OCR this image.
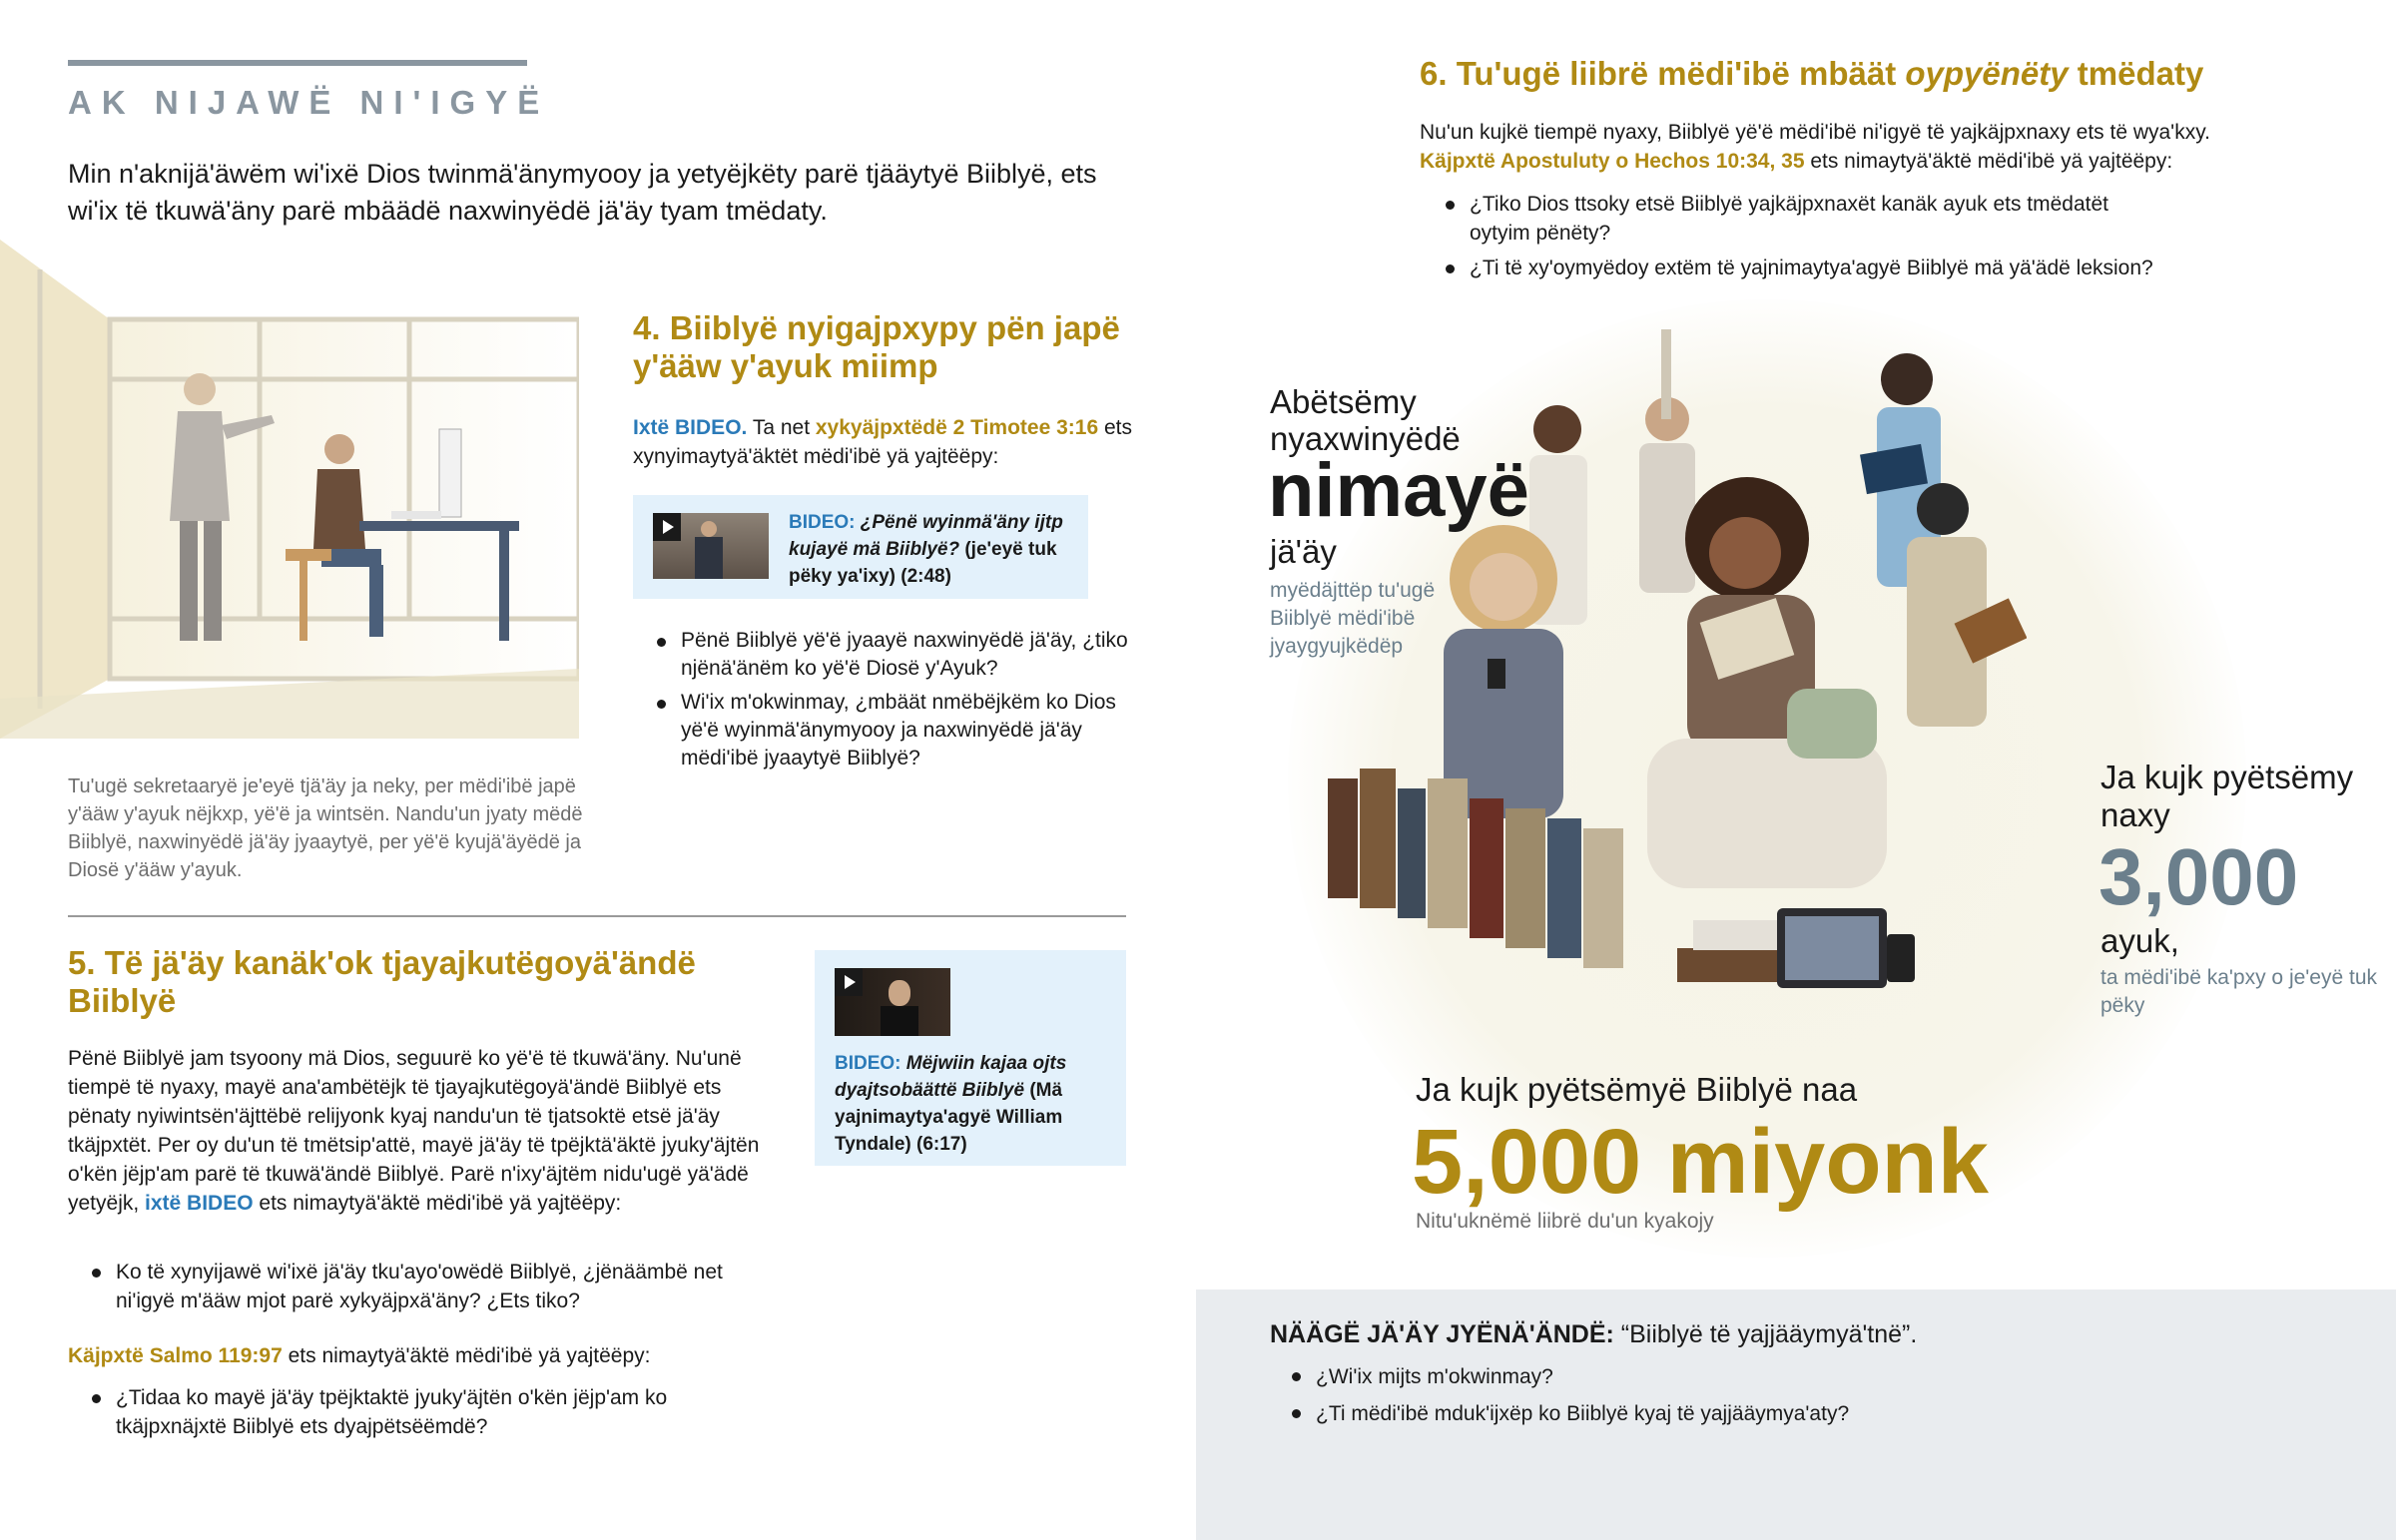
AK NIJAWË NI'IGYË
Min n'aknijä'äwëm wi'ixë Dios twinmä'änymyooy ja yetyëjkëty parë tjääytyë Biiblyë, ets wi'ix të tkuwä'äny parë mbäädë naxwinyëdë jä'äy tyam tmëdaty.
Tu'ugë sekretaaryë je'eyë tjä'äy ja neky, per mëdi'ibë japë y'ääw y'ayuk nëjkxp, yë'ë ja wintsën. Nandu'un jyaty mëdë Biiblyë, naxwinyëdë jä'äy jyaaytyë, per yë'ë kyujä'äyëdë ja Diosë y'ääw y'ayuk.
4. Biiblyë nyigajpxypy pën japë y'ääw y'ayuk miimp
Ixtë BIDEO. Ta net xykyäjpxtëdë 2 Timotee 3:16 ets xynyimaytyä'äktët mëdi'ibë yä yajtëëpy:
BIDEO: ¿Pënë wyinmä'äny ijtp kujayë mä Biiblyë? (je'eyë tuk pëky ya'ixy) (2:48)
Pënë Biiblyë yë'ë jyaayë naxwinyëdë jä'äy, ¿tiko njënä'änëm ko yë'ë Diosë y'Ayuk?
Wi'ix m'okwinmay, ¿mbäät nmëbëjkëm ko Dios yë'ë wyinmä'änymyooy ja naxwinyëdë jä'äy mëdi'ibë jyaaytyë Biiblyë?
5. Të jä'äy kanäk'ok tjayajkutëgoyä'ändë Biiblyë
Pënë Biiblyë jam tsyoony mä Dios, seguurë ko yë'ë të tkuwä'äny. Nu'unë tiempë të nyaxy, mayë ana'ambëtëjk të tjayajkutëgoyä'ändë Biiblyë ets pënaty nyiwintsën'äjttëbë relijyonk kyaj nandu'un të tjatsoktë etsë jä'äy tkäjpxtët. Per oy du'un të tmëtsip'attë, mayë jä'äy të tpëjktä'äktë jyuky'äjtën o'kën jëjp'am parë të tkuwä'ändë Biiblyë. Parë n'ixy'äjtëm nidu'ugë yä'ädë yetyëjk, ixtë BIDEO ets nimaytyä'äktë mëdi'ibë yä yajtëëpy:
Ko të xynyijawë wi'ixë jä'äy tku'ayo'owëdë Biiblyë, ¿jënäämbë net ni'igyë m'ääw mjot parë xykyäjpxä'äny? ¿Ets tiko?
Käjpxtë Salmo 119:97 ets nimaytyä'äktë mëdi'ibë yä yajtëëpy:
¿Tidaa ko mayë jä'äy tpëjktaktë jyuky'äjtën o'kën jëjp'am ko tkäjpxnäjxtë Biiblyë ets dyajpëtsëëmdë?
BIDEO: Mëjwiin kajaa ojts dyajtsobäättë Biiblyë (Mä yajnimaytya'agyë William Tyndale) (6:17)
6. Tu'ugë liibrë mëdi'ibë mbäät oypyënëty tmëdaty
Nu'un kujkë tiempë nyaxy, Biiblyë yë'ë mëdi'ibë ni'igyë të yajkäjpxnaxy ets të wya'kxy.
Käjpxtë Apostuluty o Hechos 10:34, 35 ets nimaytyä'äktë mëdi'ibë yä yajtëëpy:
¿Tiko Dios ttsoky etsë Biiblyë yajkäjpxnaxët kanäk ayuk ets tmëdatët oytyim pënëty?
¿Ti të xy'oymyëdoy extëm të yajnimaytya'agyë Biiblyë mä yä'ädë leksion?
Abëtsëmy
nyaxwinyëdë
nimayë
jä'äy
myëdäjttëp tu'ugë Biiblyë mëdi'ibë jyaygyujkëdëp
Ja kujk pyëtsëmy naxy
3,000
ayuk,
ta mëdi'ibë ka'pxy o je'eyë tuk pëky
Ja kujk pyëtsëmyë Biiblyë naa
5,000 miyonk
Nitu'uknëmë liibrë du'un kyakojy
NÄÄGË JÄ'ÄY JYËNÄ'ÄNDË: “Biiblyë të yajjääymyä'tnë”.
¿Wi'ix mijts m'okwinmay?
¿Ti mëdi'ibë mduk'ijxëp ko Biiblyë kyaj të yajjääymya'aty?
